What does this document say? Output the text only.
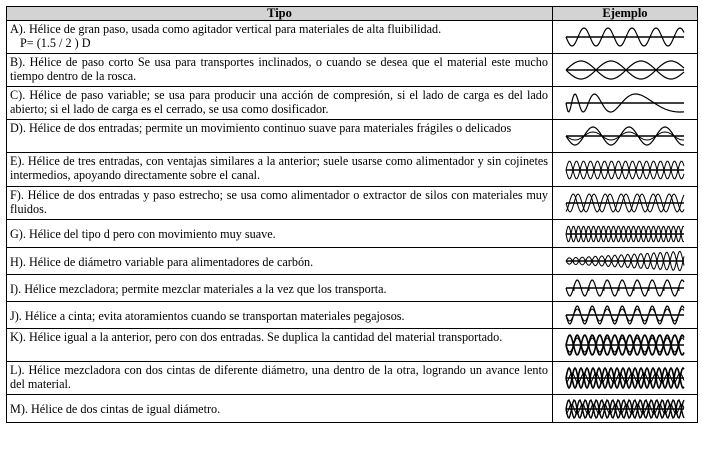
Tipo	Ejemplo
A). Hélice de gran paso, usada como agitador vertical para materiales de alta fluibilidad.
P= (1.5 / 2 ) D	

B). Hélice de paso corto Se usa para transportes inclinados, o cuando se desea que el material este mucho tiempo dentro de la rosca.	

C). Hélice de paso variable; se usa para producir una acción de compresión, si el lado de carga es del lado abierto; si el lado de carga es el cerrado, se usa como dosificador.	

D). Hélice de dos entradas; permite un movimiento continuo suave para materiales frágiles o delicados	

E). Hélice de tres entradas, con ventajas similares a la anterior; suele usarse como alimentador y sin cojinetes intermedios, apoyando directamente sobre el canal.	

F). Hélice de dos entradas y paso estrecho; se usa como alimentador o extractor de silos con materiales muy fluidos.	

G). Hélice del tipo d pero con movimiento muy suave.	

H). Hélice de diámetro variable para alimentadores de carbón.	

I). Hélice mezcladora; permite mezclar materiales a la vez que los transporta.	

J). Hélice a cinta; evita atoramientos cuando se transportan materiales pegajosos.	

K). Hélice igual a la anterior, pero con dos entradas. Se duplica la cantidad del material transportado.	

L). Hélice mezcladora con dos cintas de diferente diámetro, una dentro de la otra, logrando un avance lento del material.	

M). Hélice de dos cintas de igual diámetro.	
